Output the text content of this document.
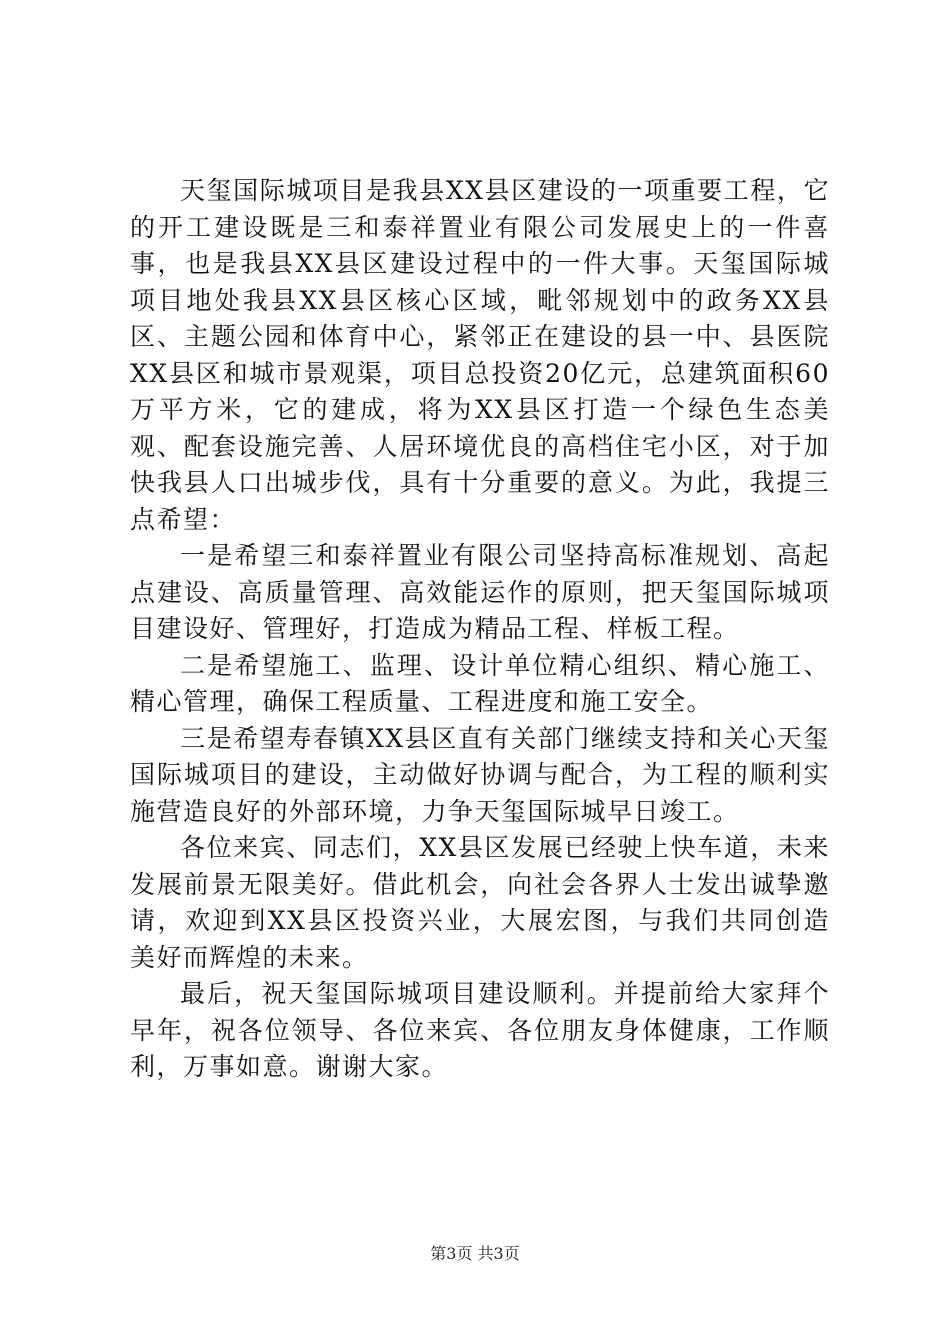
天玺国际城项目是我县XX县区建设的一项重要工程，它的开工建设既是三和泰祥置业有限公司发展史上的一件喜事，也是我县XX县区建设过程中的一件大事。天玺国际城项目地处我县XX县区核心区域，毗邻规划中的政务XX县区、主题公园和体育中心，紧邻正在建设的县一中、县医院XX县区和城市景观渠，项目总投资20亿元，总建筑面积60万平方米，它的建成，将为XX县区打造一个绿色生态美观、配套设施完善、人居环境优良的高档住宅小区，对于加快我县人口出城步伐，具有十分重要的意义。为此，我提三点希望：

一是希望三和泰祥置业有限公司坚持高标准规划、高起点建设、高质量管理、高效能运作的原则，把天玺国际城项目建设好、管理好，打造成为精品工程、样板工程。

二是希望施工、监理、设计单位精心组织、精心施工、精心管理，确保工程质量、工程进度和施工安全。

三是希望寿春镇XX县区直有关部门继续支持和关心天玺国际城项目的建设，主动做好协调与配合，为工程的顺利实施营造良好的外部环境，力争天玺国际城早日竣工。

各位来宾、同志们，XX县区发展已经驶上快车道，未来发展前景无限美好。借此机会，向社会各界人士发出诚挚邀请，欢迎到XX县区投资兴业，大展宏图，与我们共同创造美好而辉煌的未来。

最后，祝天玺国际城项目建设顺利。并提前给大家拜个早年，祝各位领导、各位来宾、各位朋友身体健康，工作顺利，万事如意。谢谢大家。

第3页 共3页
